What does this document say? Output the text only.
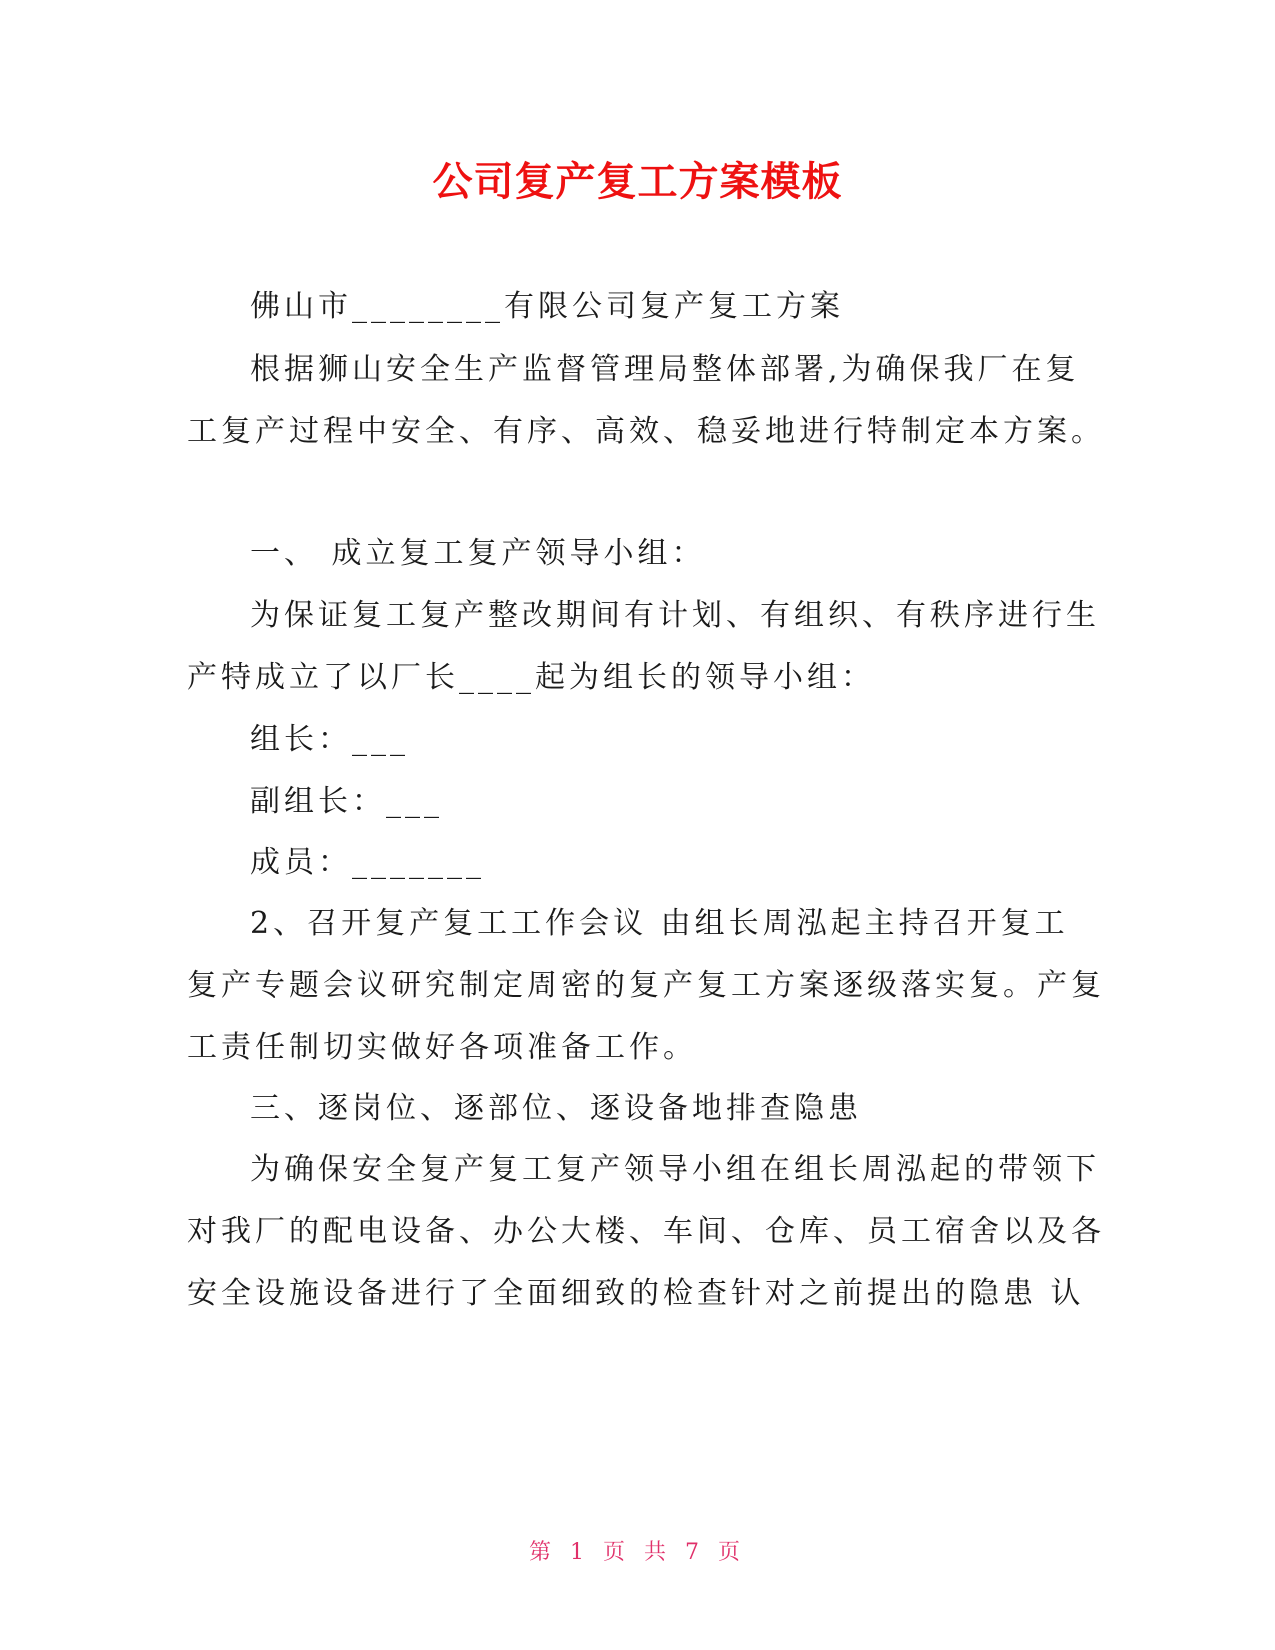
公司复产复工方案模板

佛山市________有限公司复产复工方案

根据狮山安全生产监督管理局整体部署,为确保我厂在复

工复产过程中安全、有序、高效、稳妥地进行特制定本方案。

一、 成立复工复产领导小组：

为保证复工复产整改期间有计划、有组织、有秩序进行生

产特成立了以厂长____起为组长的领导小组：

组长：___

副组长：___

成员：_______

2、召开复产复工工作会议 由组长周泓起主持召开复工

复产专题会议研究制定周密的复产复工方案逐级落实复。产复

工责任制切实做好各项准备工作。

三、逐岗位、逐部位、逐设备地排查隐患

为确保安全复产复工复产领导小组在组长周泓起的带领下

对我厂的配电设备、办公大楼、车间、仓库、员工宿舍以及各

安全设施设备进行了全面细致的检查针对之前提出的隐患 认

第 1 页 共 7 页
